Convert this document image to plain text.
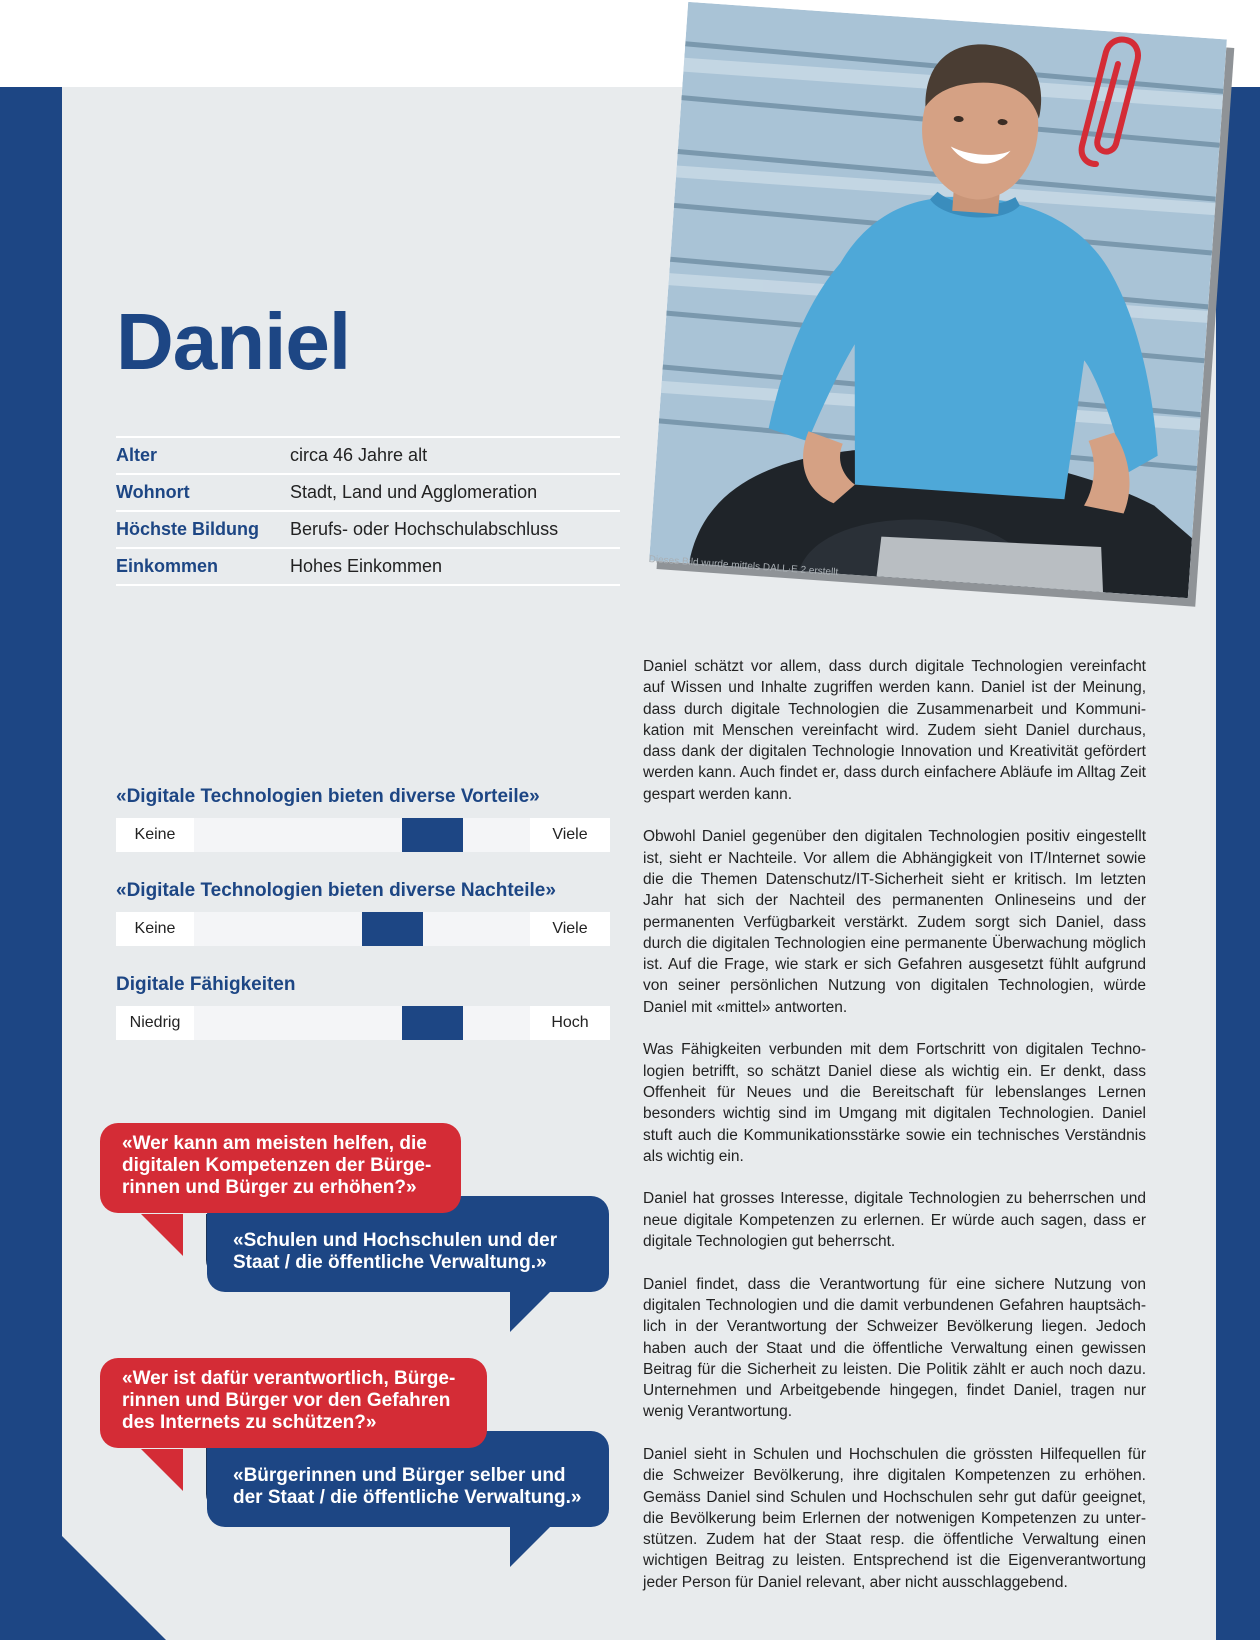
Daniel
Alter	circa 46 Jahre alt
Wohnort	Stadt, Land und Agglomeration
Höchste Bildung	Berufs- oder Hochschulabschluss
Einkommen	Hohes Einkommen	Dieses Bild wurde mittels DALL·E 2 erstellt
«Digitale Technologien bieten diverse Vorteile»
Keine	Viele
«Digitale Technologien bieten diverse Nachteile»
Keine	Viele
Digitale Fähigkeiten
Niedrig	Hoch
«Wer kann am meisten helfen, die digitalen Kompetenzen der Bürgerinnen und Bürger zu erhöhen?»
«Schulen und Hochschulen und der Staat / die öffentliche Verwaltung.»
«Wer ist dafür verantwortlich, Bürgerinnen und Bürger vor den Gefahren des Internets zu schützen?»
«Bürgerinnen und Bürger selber und der Staat / die öffentliche Verwaltung.»

Daniel schätzt vor allem, dass durch digitale Technologien vereinfacht auf Wissen und Inhalte zugriffen werden kann. Daniel ist der Meinung, dass durch digitale Technologien die Zusammenarbeit und Kommunikation mit Menschen vereinfacht wird. Zudem sieht Daniel durchaus, dass dank der digitalen Technologie Innovation und Kreativität gefördert werden kann. Auch findet er, dass durch einfachere Abläufe im Alltag Zeit gespart werden kann.

Obwohl Daniel gegenüber den digitalen Technologien positiv eingestellt ist, sieht er Nachteile. Vor allem die Abhängigkeit von IT/Internet sowie die die Themen Datenschutz/IT-Sicherheit sieht er kritisch. Im letzten Jahr hat sich der Nachteil des permanenten Onlineseins und der permanenten Verfügbarkeit verstärkt. Zudem sorgt sich Daniel, dass durch die digitalen Technologien eine permanente Überwachung möglich ist. Auf die Frage, wie stark er sich Gefahren ausgesetzt fühlt aufgrund von seiner persönlichen Nutzung von digitalen Technologien, würde Daniel mit «mittel» antworten.

Was Fähigkeiten verbunden mit dem Fortschritt von digitalen Technologien betrifft, so schätzt Daniel diese als wichtig ein. Er denkt, dass Offenheit für Neues und die Bereitschaft für lebenslanges Lernen besonders wichtig sind im Umgang mit digitalen Technologien. Daniel stuft auch die Kommunikationsstärke sowie ein technisches Verständnis als wichtig ein.

Daniel hat grosses Interesse, digitale Technologien zu beherrschen und neue digitale Kompetenzen zu erlernen. Er würde auch sagen, dass er digitale Technologien gut beherrscht.

Daniel findet, dass die Verantwortung für eine sichere Nutzung von digitalen Technologien und die damit verbundenen Gefahren hauptsächlich in der Verantwortung der Schweizer Bevölkerung liegen. Jedoch haben auch der Staat und die öffentliche Verwaltung einen gewissen Beitrag für die Sicherheit zu leisten. Die Politik zählt er auch noch dazu. Unternehmen und Arbeitgebende hingegen, findet Daniel, tragen nur wenig Verantwortung.

Daniel sieht in Schulen und Hochschulen die grössten Hilfequellen für die Schweizer Bevölkerung, ihre digitalen Kompetenzen zu erhöhen. Gemäss Daniel sind Schulen und Hochschulen sehr gut dafür geeignet, die Bevölkerung beim Erlernen der notwenigen Kompetenzen zu unterstützen. Zudem hat der Staat resp. die öffentliche Verwaltung einen wichtigen Beitrag zu leisten. Entsprechend ist die Eigenverantwortung jeder Person für Daniel relevant, aber nicht ausschlaggebend.
